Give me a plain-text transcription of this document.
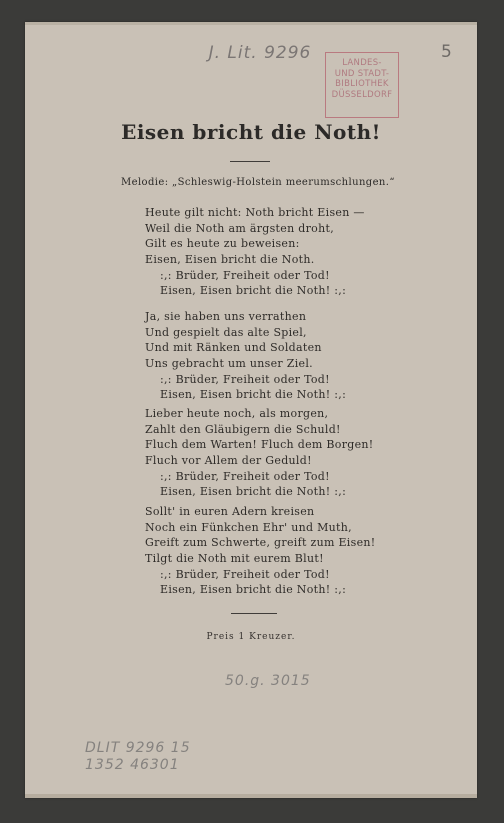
5
J. Lit. 9296	LANDES-
UND STADT-
BIBLIOTHEK
DÜSSELDORF
Eisen bricht die Noth!
Melodie: „Schleswig-Holstein meerumschlungen.“
Heute gilt nicht: Noth bricht Eisen —
Weil die Noth am ärgsten droht,
Gilt es heute zu beweisen:
Eisen, Eisen bricht die Noth.
:,: Brüder, Freiheit oder Tod!
Eisen, Eisen bricht die Noth! :,:
Ja, sie haben uns verrathen
Und gespielt das alte Spiel,
Und mit Ränken und Soldaten
Uns gebracht um unser Ziel.
:,: Brüder, Freiheit oder Tod!
Eisen, Eisen bricht die Noth! :,:
Lieber heute noch, als morgen,
Zahlt den Gläubigern die Schuld!
Fluch dem Warten! Fluch dem Borgen!
Fluch vor Allem der Geduld!
:,: Brüder, Freiheit oder Tod!
Eisen, Eisen bricht die Noth! :,:
Sollt' in euren Adern kreisen
Noch ein Fünkchen Ehr' und Muth,
Greift zum Schwerte, greift zum Eisen!
Tilgt die Noth mit eurem Blut!
:,: Brüder, Freiheit oder Tod!
Eisen, Eisen bricht die Noth! :,:
Preis 1 Kreuzer.
50.g. 3015
DLIT 9296 15
1352 46301
